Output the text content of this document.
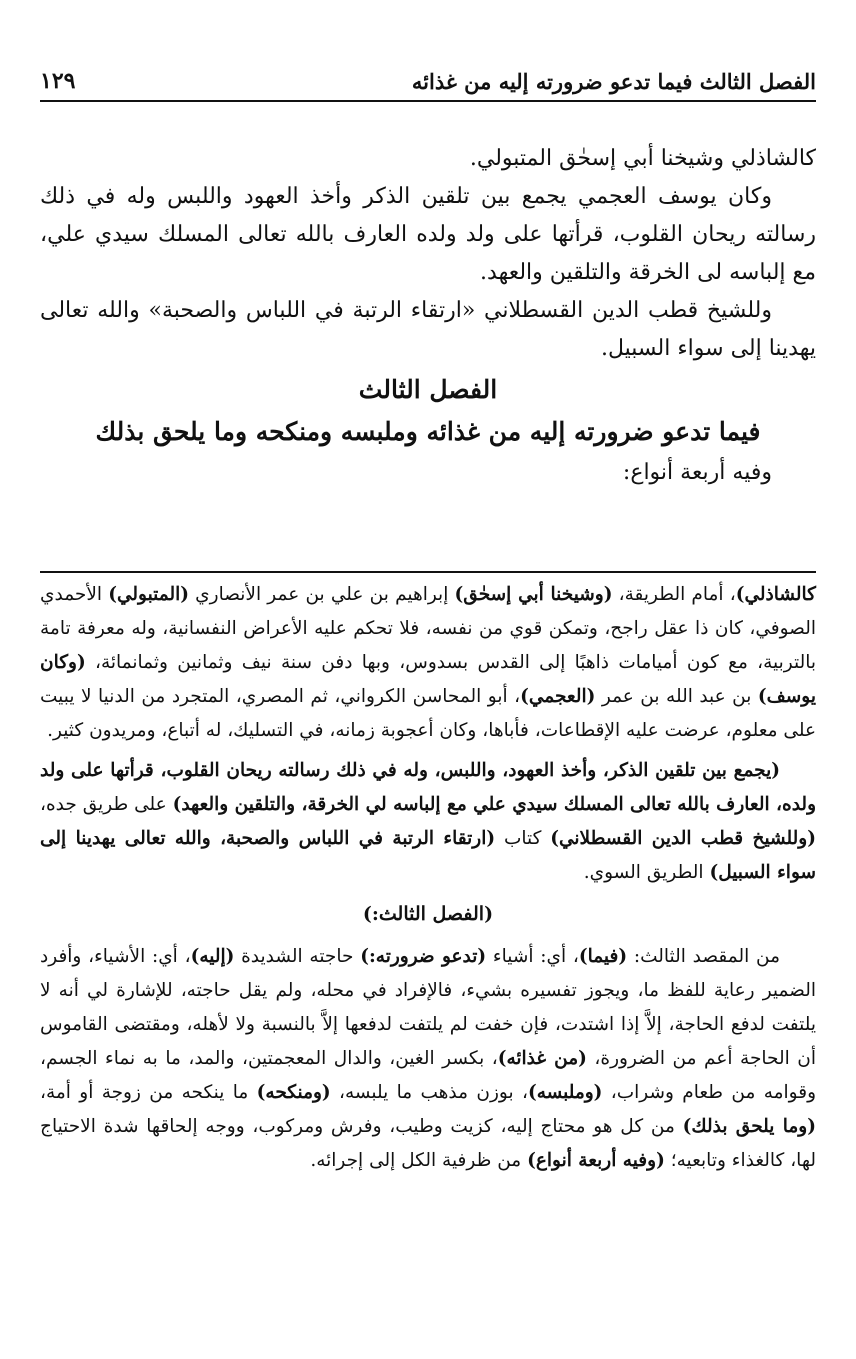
الفصل الثالث فيما تدعو ضرورته إليه من غذائه
١٢٩

كالشاذلي وشيخنا أبي إسحٰق المتبولي.

وكان يوسف العجمي يجمع بين تلقين الذكر وأخذ العهود واللبس وله في ذلك رسالته ريحان القلوب، قرأتها على ولد ولده العارف بالله تعالى المسلك سيدي علي، مع إلباسه لى الخرقة والتلقين والعهد.

وللشيخ قطب الدين القسطلاني «ارتقاء الرتبة في اللباس والصحبة» والله تعالى يهدينا إلى سواء السبيل.

الفصل الثالث
فيما تدعو ضرورته إليه من غذائه وملبسه ومنكحه وما يلحق بذلك

وفيه أربعة أنواع:

كالشاذلي)، أمام الطريقة، (وشيخنا أبي إسحٰق) إبراهيم بن علي بن عمر الأنصاري (المتبولي) الأحمدي الصوفي، كان ذا عقل راجح، وتمكن قوي من نفسه، فلا تحكم عليه الأعراض النفسانية، وله معرفة تامة بالتربية، مع كون أميامات ذاهبًا إلى القدس بسدوس، وبها دفن سنة نيف وثمانين وثمانمائة، (وكان يوسف) بن عبد الله بن عمر (العجمي)، أبو المحاسن الكرواني، ثم المصري، المتجرد من الدنيا لا يبيت على معلوم، عرضت عليه الإقطاعات، فأباها، وكان أعجوبة زمانه، في التسليك، له أتباع، ومريدون كثير.

(يجمع بين تلقين الذكر، وأخذ العهود، واللبس، وله في ذلك رسالته ريحان القلوب، قرأتها على ولد ولده، العارف بالله تعالى المسلك سيدي علي مع إلباسه لي الخرقة، والتلقين والعهد) على طريق جده، (وللشيخ قطب الدين القسطلاني) كتاب (ارتقاء الرتبة في اللباس والصحبة، والله تعالى يهدينا إلى سواء السبيل) الطريق السوي.

(الفصل الثالث:)

من المقصد الثالث: (فيما)، أي: أشياء (تدعو ضرورته:) حاجته الشديدة (إليه)، أي: الأشياء، وأفرد الضمير رعاية للفظ ما، ويجوز تفسيره بشيء، فالإفراد في محله، ولم يقل حاجته، للإشارة لي أنه لا يلتفت لدفع الحاجة، إلاَّ إذا اشتدت، فإن خفت لم يلتفت لدفعها إلاَّ بالنسبة ولا لأهله، ومقتضى القاموس أن الحاجة أعم من الضرورة، (من غذائه)، بكسر الغين، والدال المعجمتين، والمد، ما به نماء الجسم، وقوامه من طعام وشراب، (وملبسه)، بوزن مذهب ما يلبسه، (ومنكحه) ما ينكحه من زوجة أو أمة، (وما يلحق بذلك) من كل هو محتاج إليه، كزيت وطيب، وفرش ومركوب، ووجه إلحاقها شدة الاحتياج لها، كالغذاء وتابعيه؛ (وفيه أربعة أنواع) من ظرفية الكل إلى إجرائه.
